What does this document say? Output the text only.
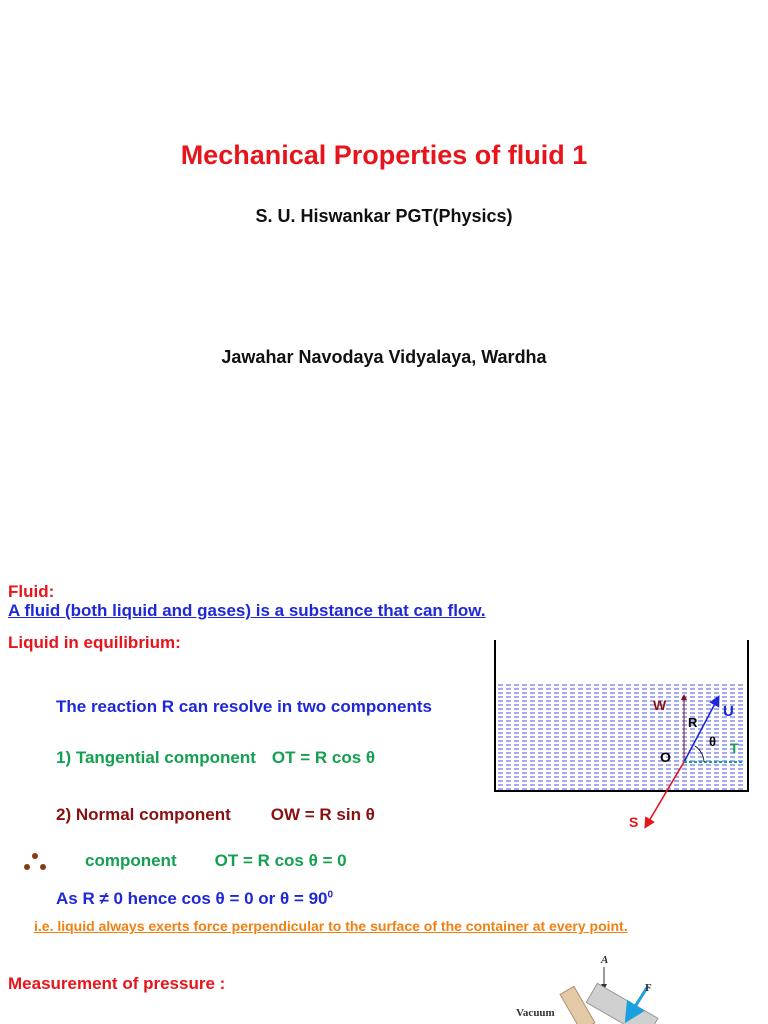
Mechanical Properties of fluid 1
S. U. Hiswankar PGT(Physics)
Jawahar Navodaya Vidyalaya, Wardha
Fluid:
A fluid (both liquid and gases) is a substance that can flow.
Liquid in equilibrium:
The reaction R can resolve in two components
1) Tangential component OT = R cos θ
2) Normal component OW = R sin θ
component OT = R cos θ = 0
As R ≠ 0 hence cos θ = 0 or $\theta = 90^0$
i.e. liquid always exerts force perpendicular to the surface of the container at every point.
Measurement of pressure :
W
R
U
θ T
O
S
A
F
Vacuum
